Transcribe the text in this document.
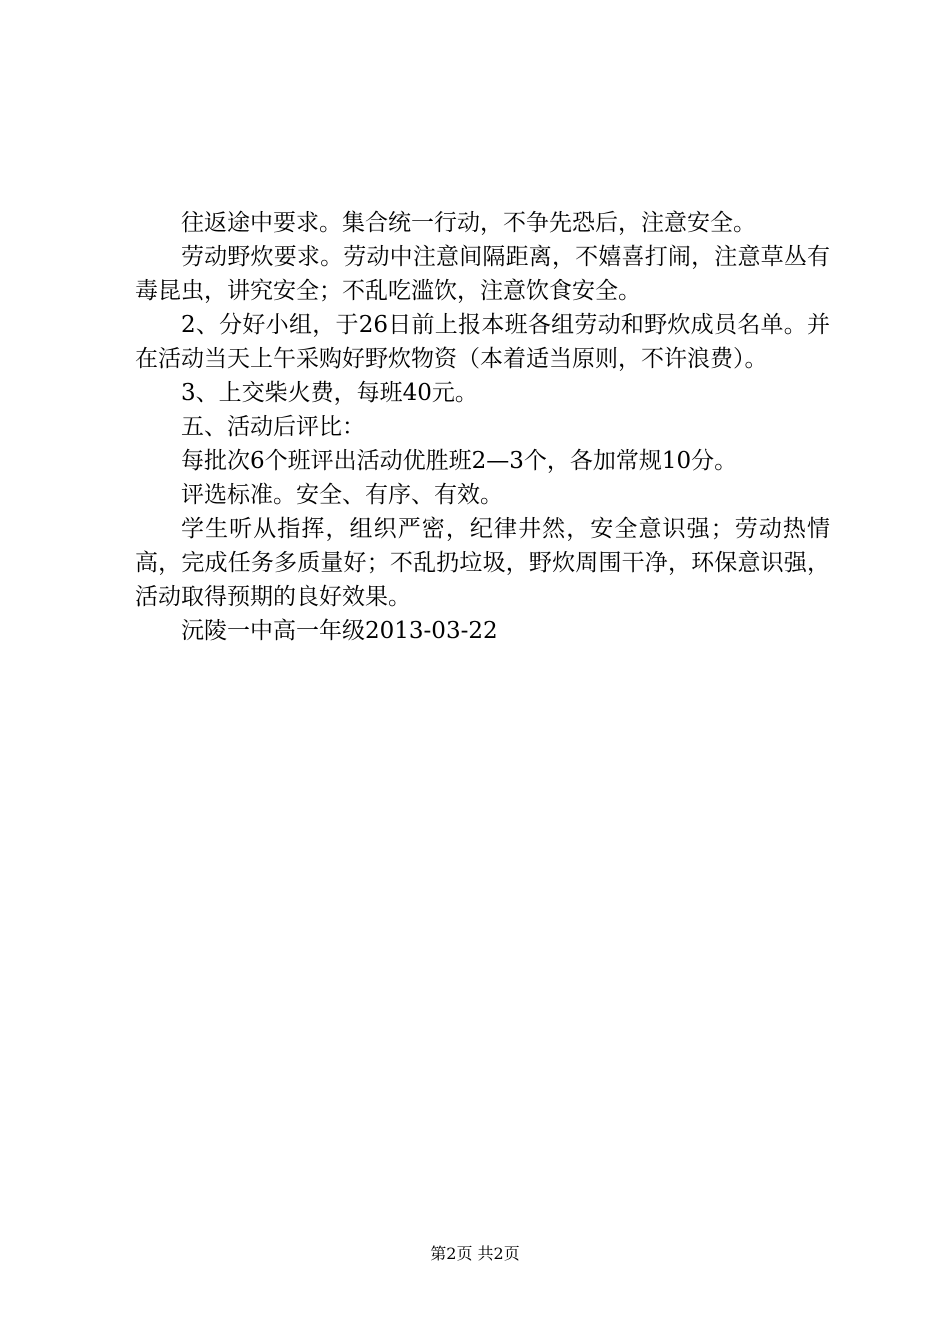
往返途中要求。集合统一行动，不争先恐后，注意安全。

劳动野炊要求。劳动中注意间隔距离，不嬉喜打闹，注意草丛有毒昆虫，讲究安全；不乱吃滥饮，注意饮食安全。

2、分好小组，于26日前上报本班各组劳动和野炊成员名单。并在活动当天上午采购好野炊物资（本着适当原则，不许浪费）。

3、上交柴火费，每班40元。

五、活动后评比：

每批次6个班评出活动优胜班2—3个，各加常规10分。

评选标准。安全、有序、有效。

学生听从指挥，组织严密，纪律井然，安全意识强；劳动热情高，完成任务多质量好；不乱扔垃圾，野炊周围干净，环保意识强，活动取得预期的良好效果。

沅陵一中高一年级2013-03-22

第2页 共2页
